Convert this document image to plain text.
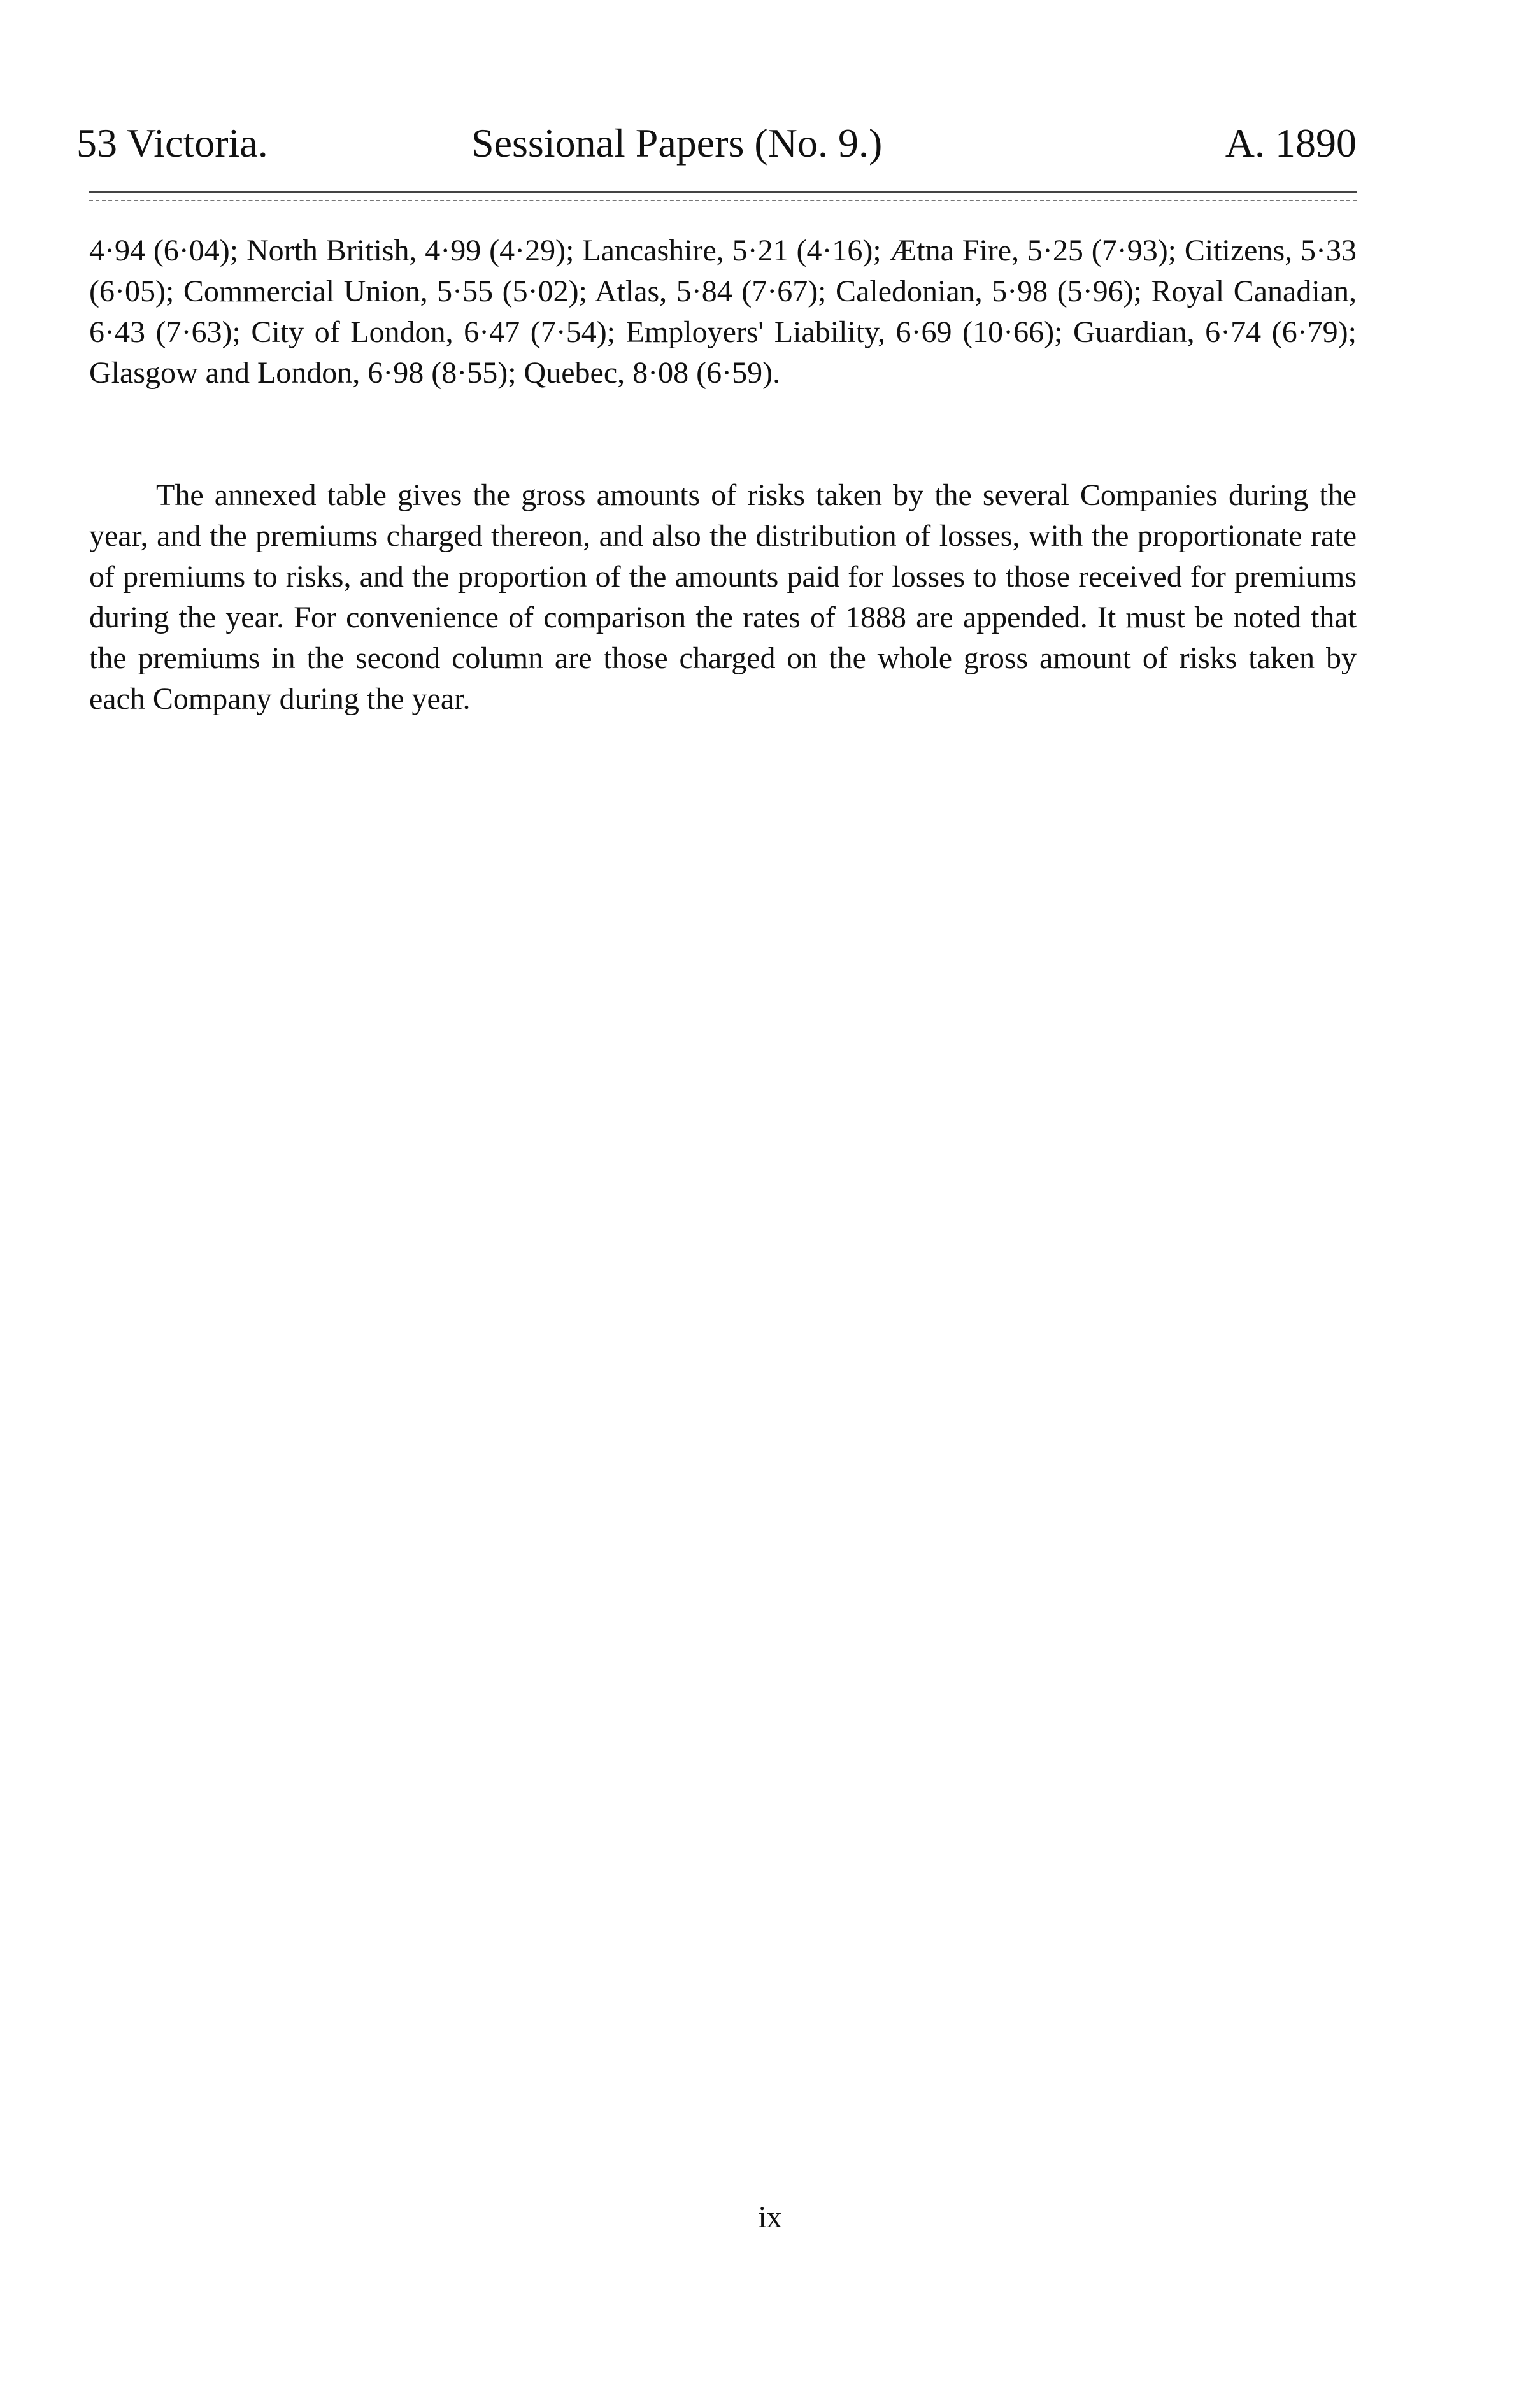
53 Victoria.	Sessional Papers (No. 9.)	A. 1890

4·94 (6·04); North British, 4·99 (4·29); Lancashire, 5·21 (4·16); Ætna Fire, 5·25 (7·93); Citizens, 5·33 (6·05); Commercial Union, 5·55 (5·02); Atlas, 5·84 (7·67); Caledonian, 5·98 (5·96); Royal Canadian, 6·43 (7·63); City of London, 6·47 (7·54); Employers' Liability, 6·69 (10·66); Guardian, 6·74 (6·79); Glasgow and London, 6·98 (8·55); Quebec, 8·08 (6·59).

The annexed table gives the gross amounts of risks taken by the several Companies during the year, and the premiums charged thereon, and also the distribution of losses, with the proportionate rate of premiums to risks, and the proportion of the amounts paid for losses to those received for premiums during the year. For convenience of comparison the rates of 1888 are appended. It must be noted that the premiums in the second column are those charged on the whole gross amount of risks taken by each Company during the year.

ix
